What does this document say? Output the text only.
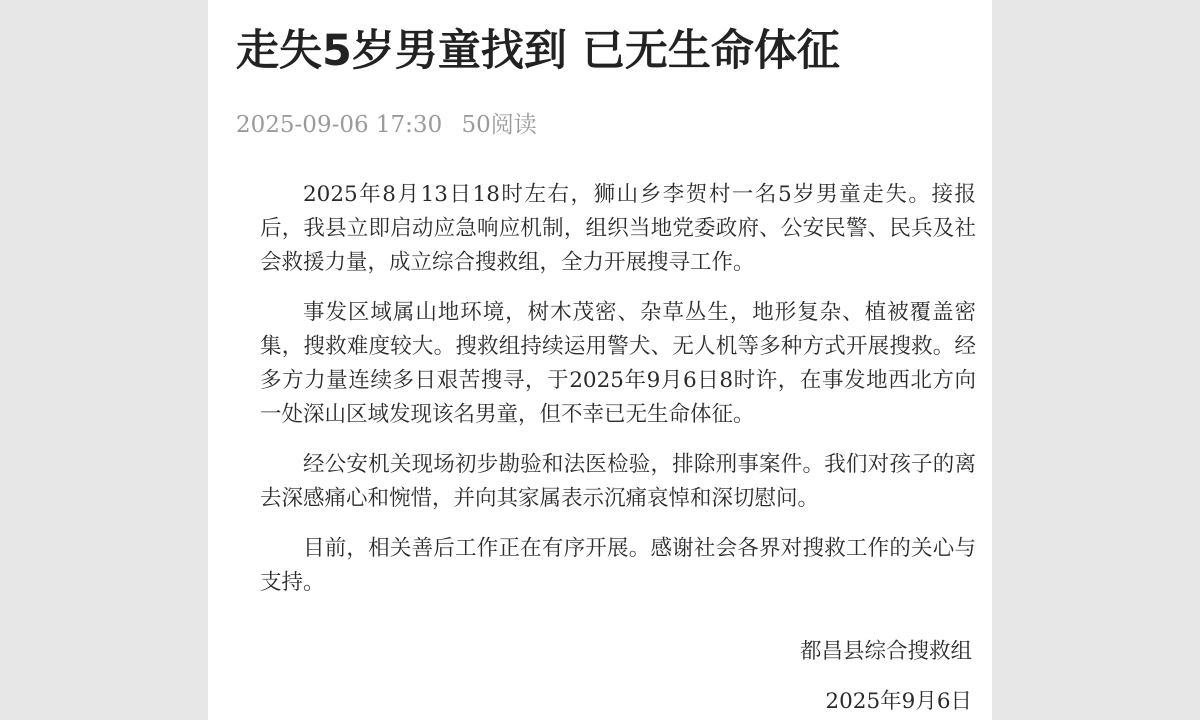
走失5岁男童找到 已无生命体征
2025-09-06 17:30 50阅读

2025年8月13日18时左右，狮山乡李贺村一名5岁男童走失。接报后，我县立即启动应急响应机制，组织当地党委政府、公安民警、民兵及社会救援力量，成立综合搜救组，全力开展搜寻工作。

事发区域属山地环境，树木茂密、杂草丛生，地形复杂、植被覆盖密集，搜救难度较大。搜救组持续运用警犬、无人机等多种方式开展搜救。经多方力量连续多日艰苦搜寻，于2025年9月6日8时许，在事发地西北方向一处深山区域发现该名男童，但不幸已无生命体征。

经公安机关现场初步勘验和法医检验，排除刑事案件。我们对孩子的离去深感痛心和惋惜，并向其家属表示沉痛哀悼和深切慰问。

目前，相关善后工作正在有序开展。感谢社会各界对搜救工作的关心与支持。

都昌县综合搜救组
2025年9月6日
